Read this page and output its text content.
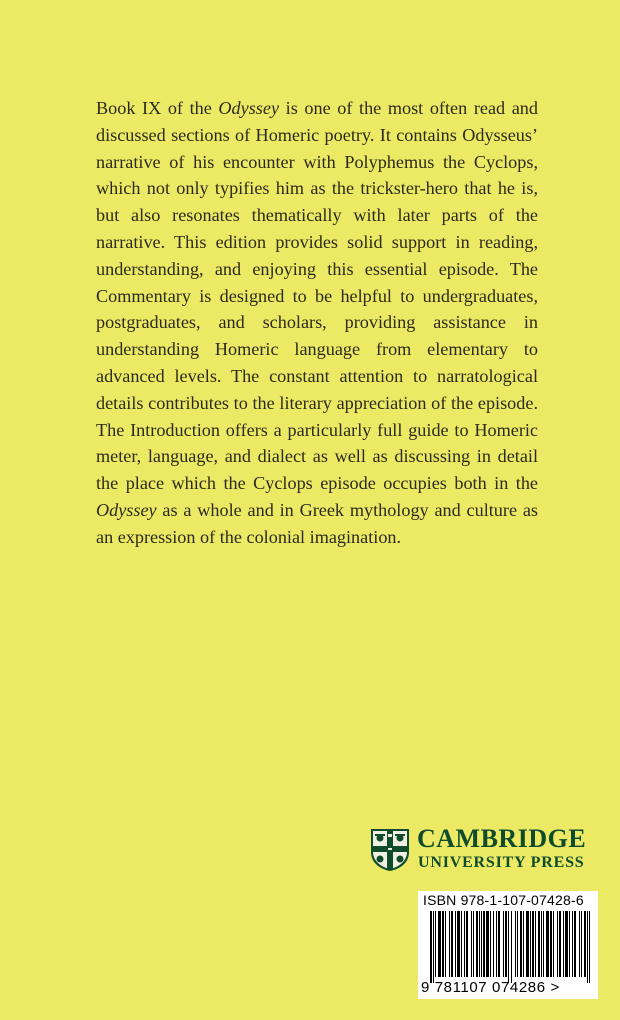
Book IX of the Odyssey is one of the most often read and discussed sections of Homeric poetry. It contains Odysseus’ narrative of his encounter with Polyphemus the Cyclops, which not only typifies him as the trickster-hero that he is, but also resonates thematically with later parts of the narrative. This edition provides solid support in reading, understanding, and enjoying this essential episode. The Commentary is designed to be helpful to undergraduates, postgraduates, and scholars, providing assistance in understanding Homeric language from elementary to advanced levels. The constant attention to narratological details contributes to the literary appreciation of the episode. The Introduction offers a particularly full guide to Homeric meter, language, and dialect as well as discussing in detail the place which the Cyclops episode occupies both in the Odyssey as a whole and in Greek mythology and culture as an expression of the colonial imagination.

CAMBRIDGE
UNIVERSITY PRESS
ISBN 978-1-107-07428-6
9 781107 074286 >
